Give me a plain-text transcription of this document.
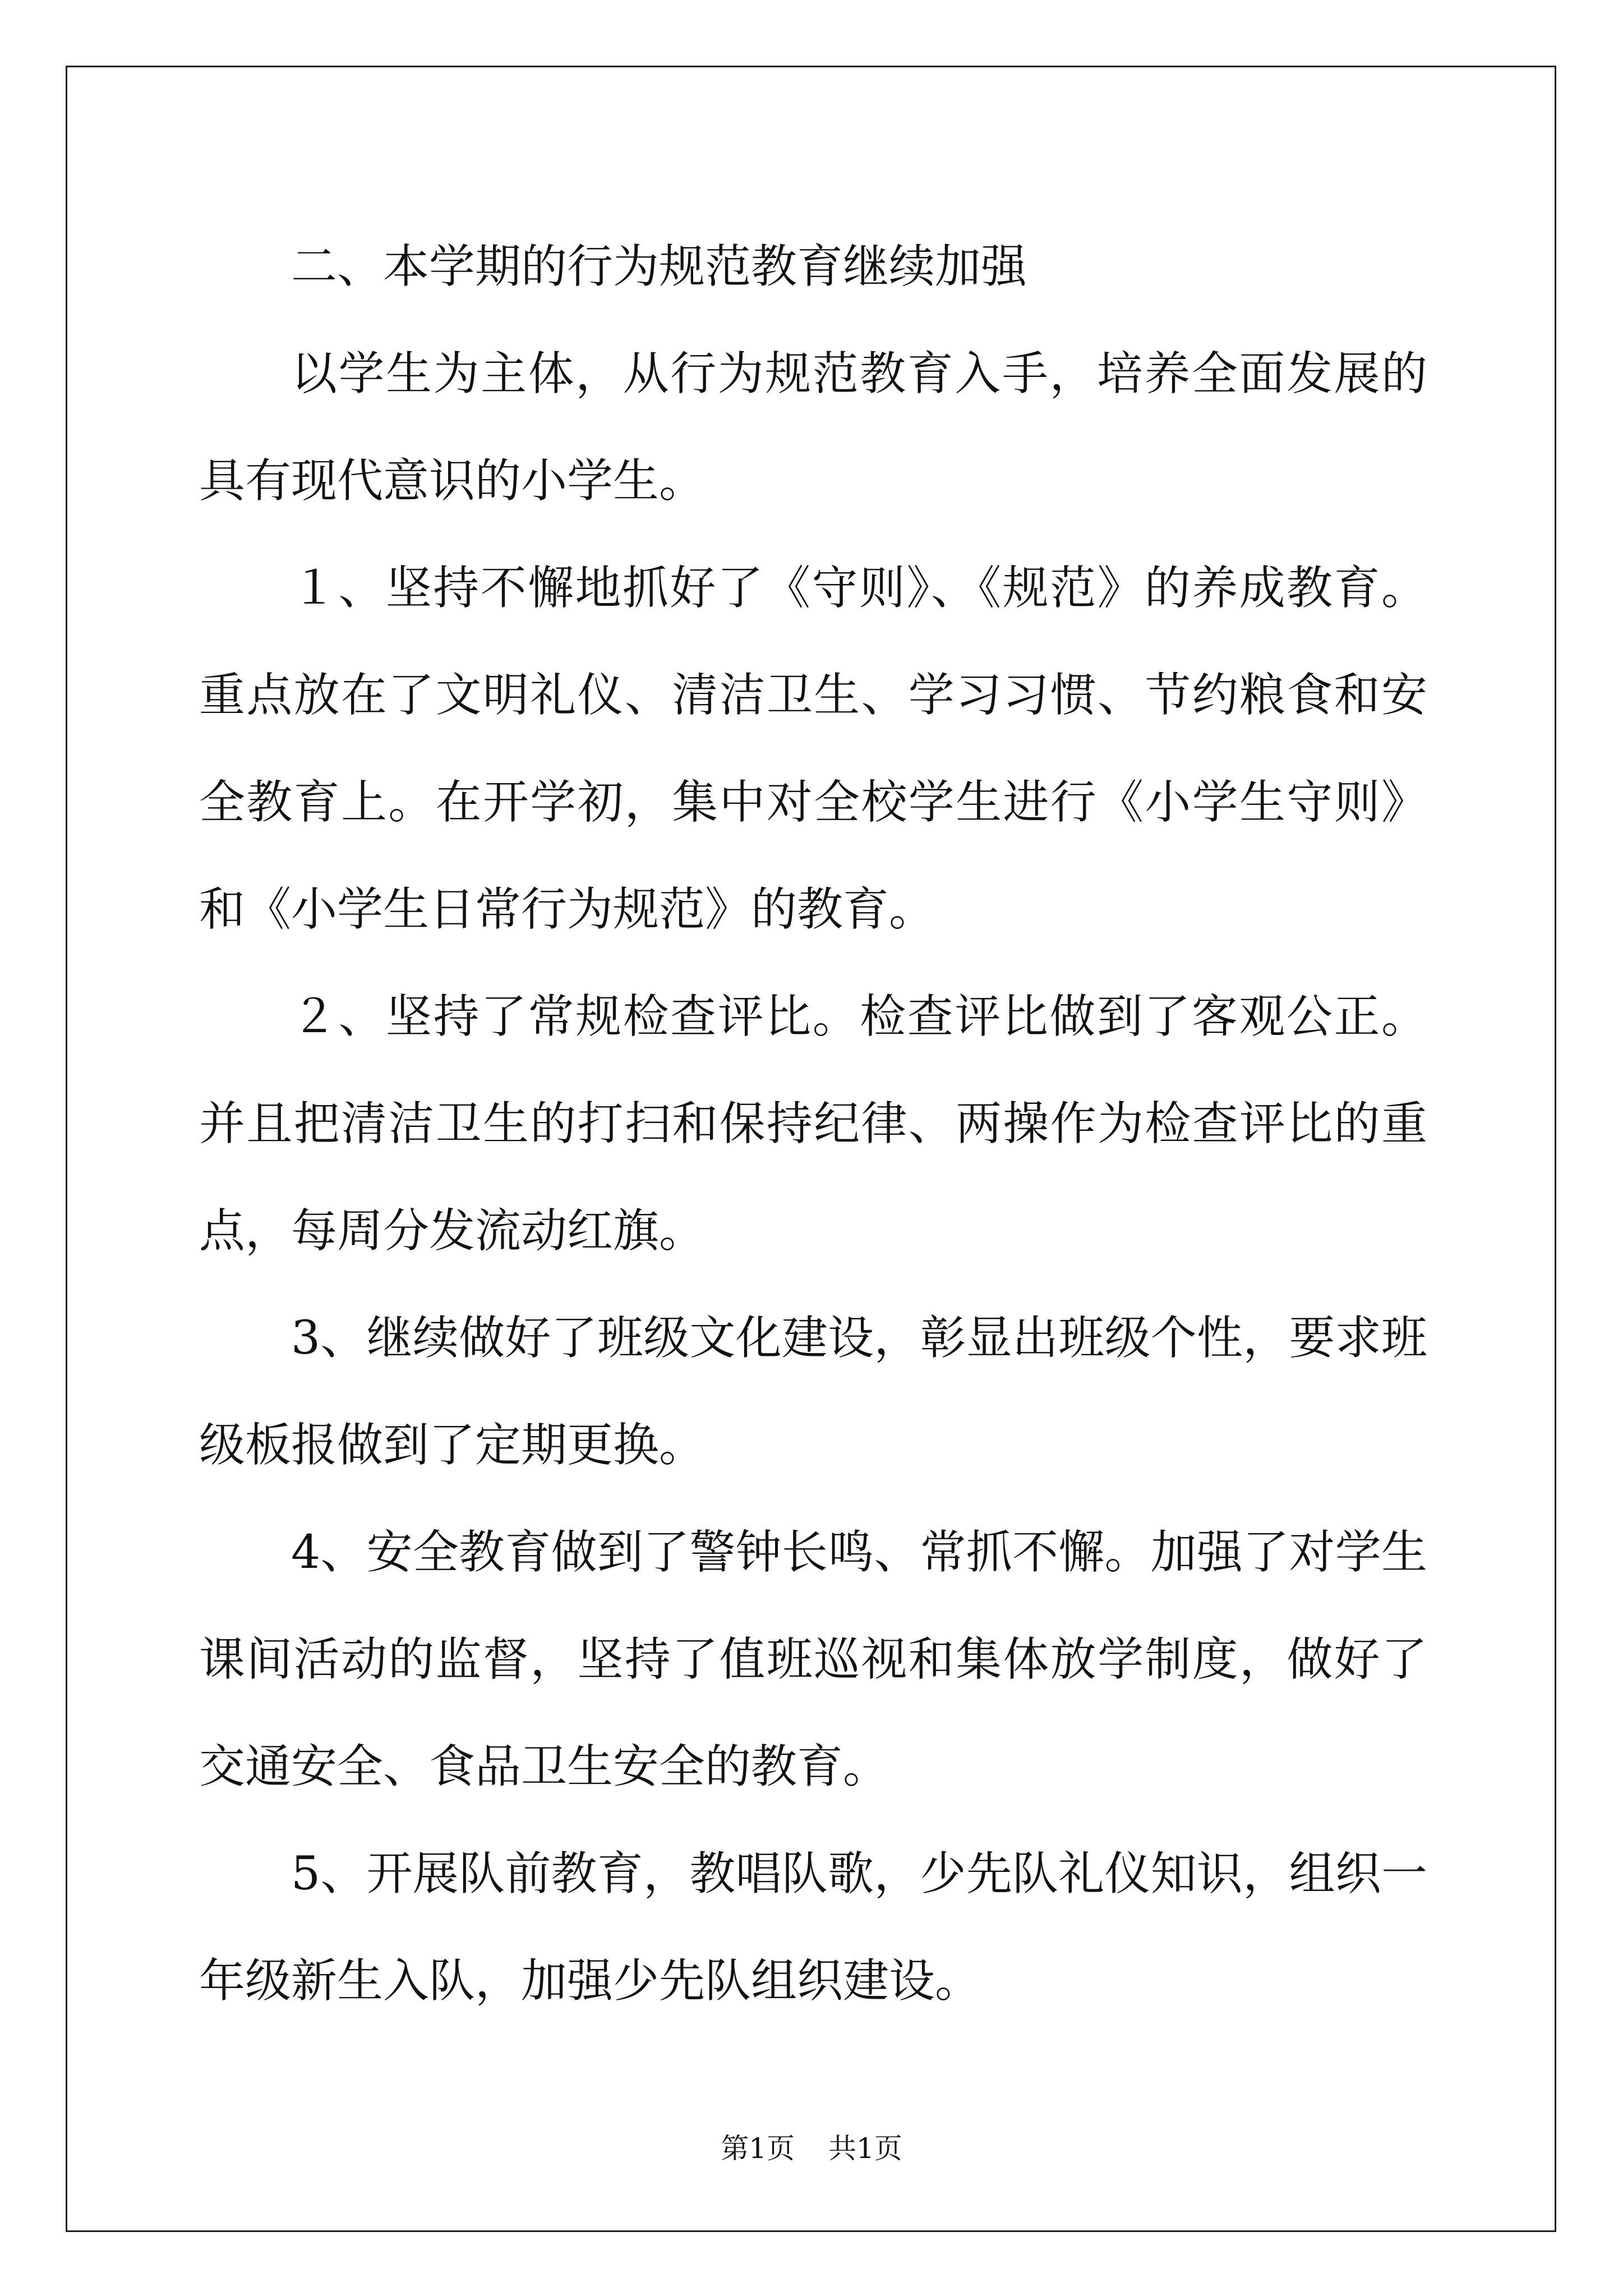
二、本学期的行为规范教育继续加强

以学生为主体，从行为规范教育入手，培养全面发展的具有现代意识的小学生。

１、坚持不懈地抓好了《守则》、《规范》的养成教育。重点放在了文明礼仪、清洁卫生、学习习惯、节约粮食和安全教育上。在开学初，集中对全校学生进行《小学生守则》和《小学生日常行为规范》的教育。

２、坚持了常规检查评比。检查评比做到了客观公正。并且把清洁卫生的打扫和保持纪律、两操作为检查评比的重点，每周分发流动红旗。

3、继续做好了班级文化建设，彰显出班级个性，要求班级板报做到了定期更换。

4、安全教育做到了警钟长鸣、常抓不懈。加强了对学生课间活动的监督，坚持了值班巡视和集体放学制度，做好了交通安全、食品卫生安全的教育。

5、开展队前教育，教唱队歌，少先队礼仪知识，组织一年级新生入队，加强少先队组织建设。

第1页 共1页
